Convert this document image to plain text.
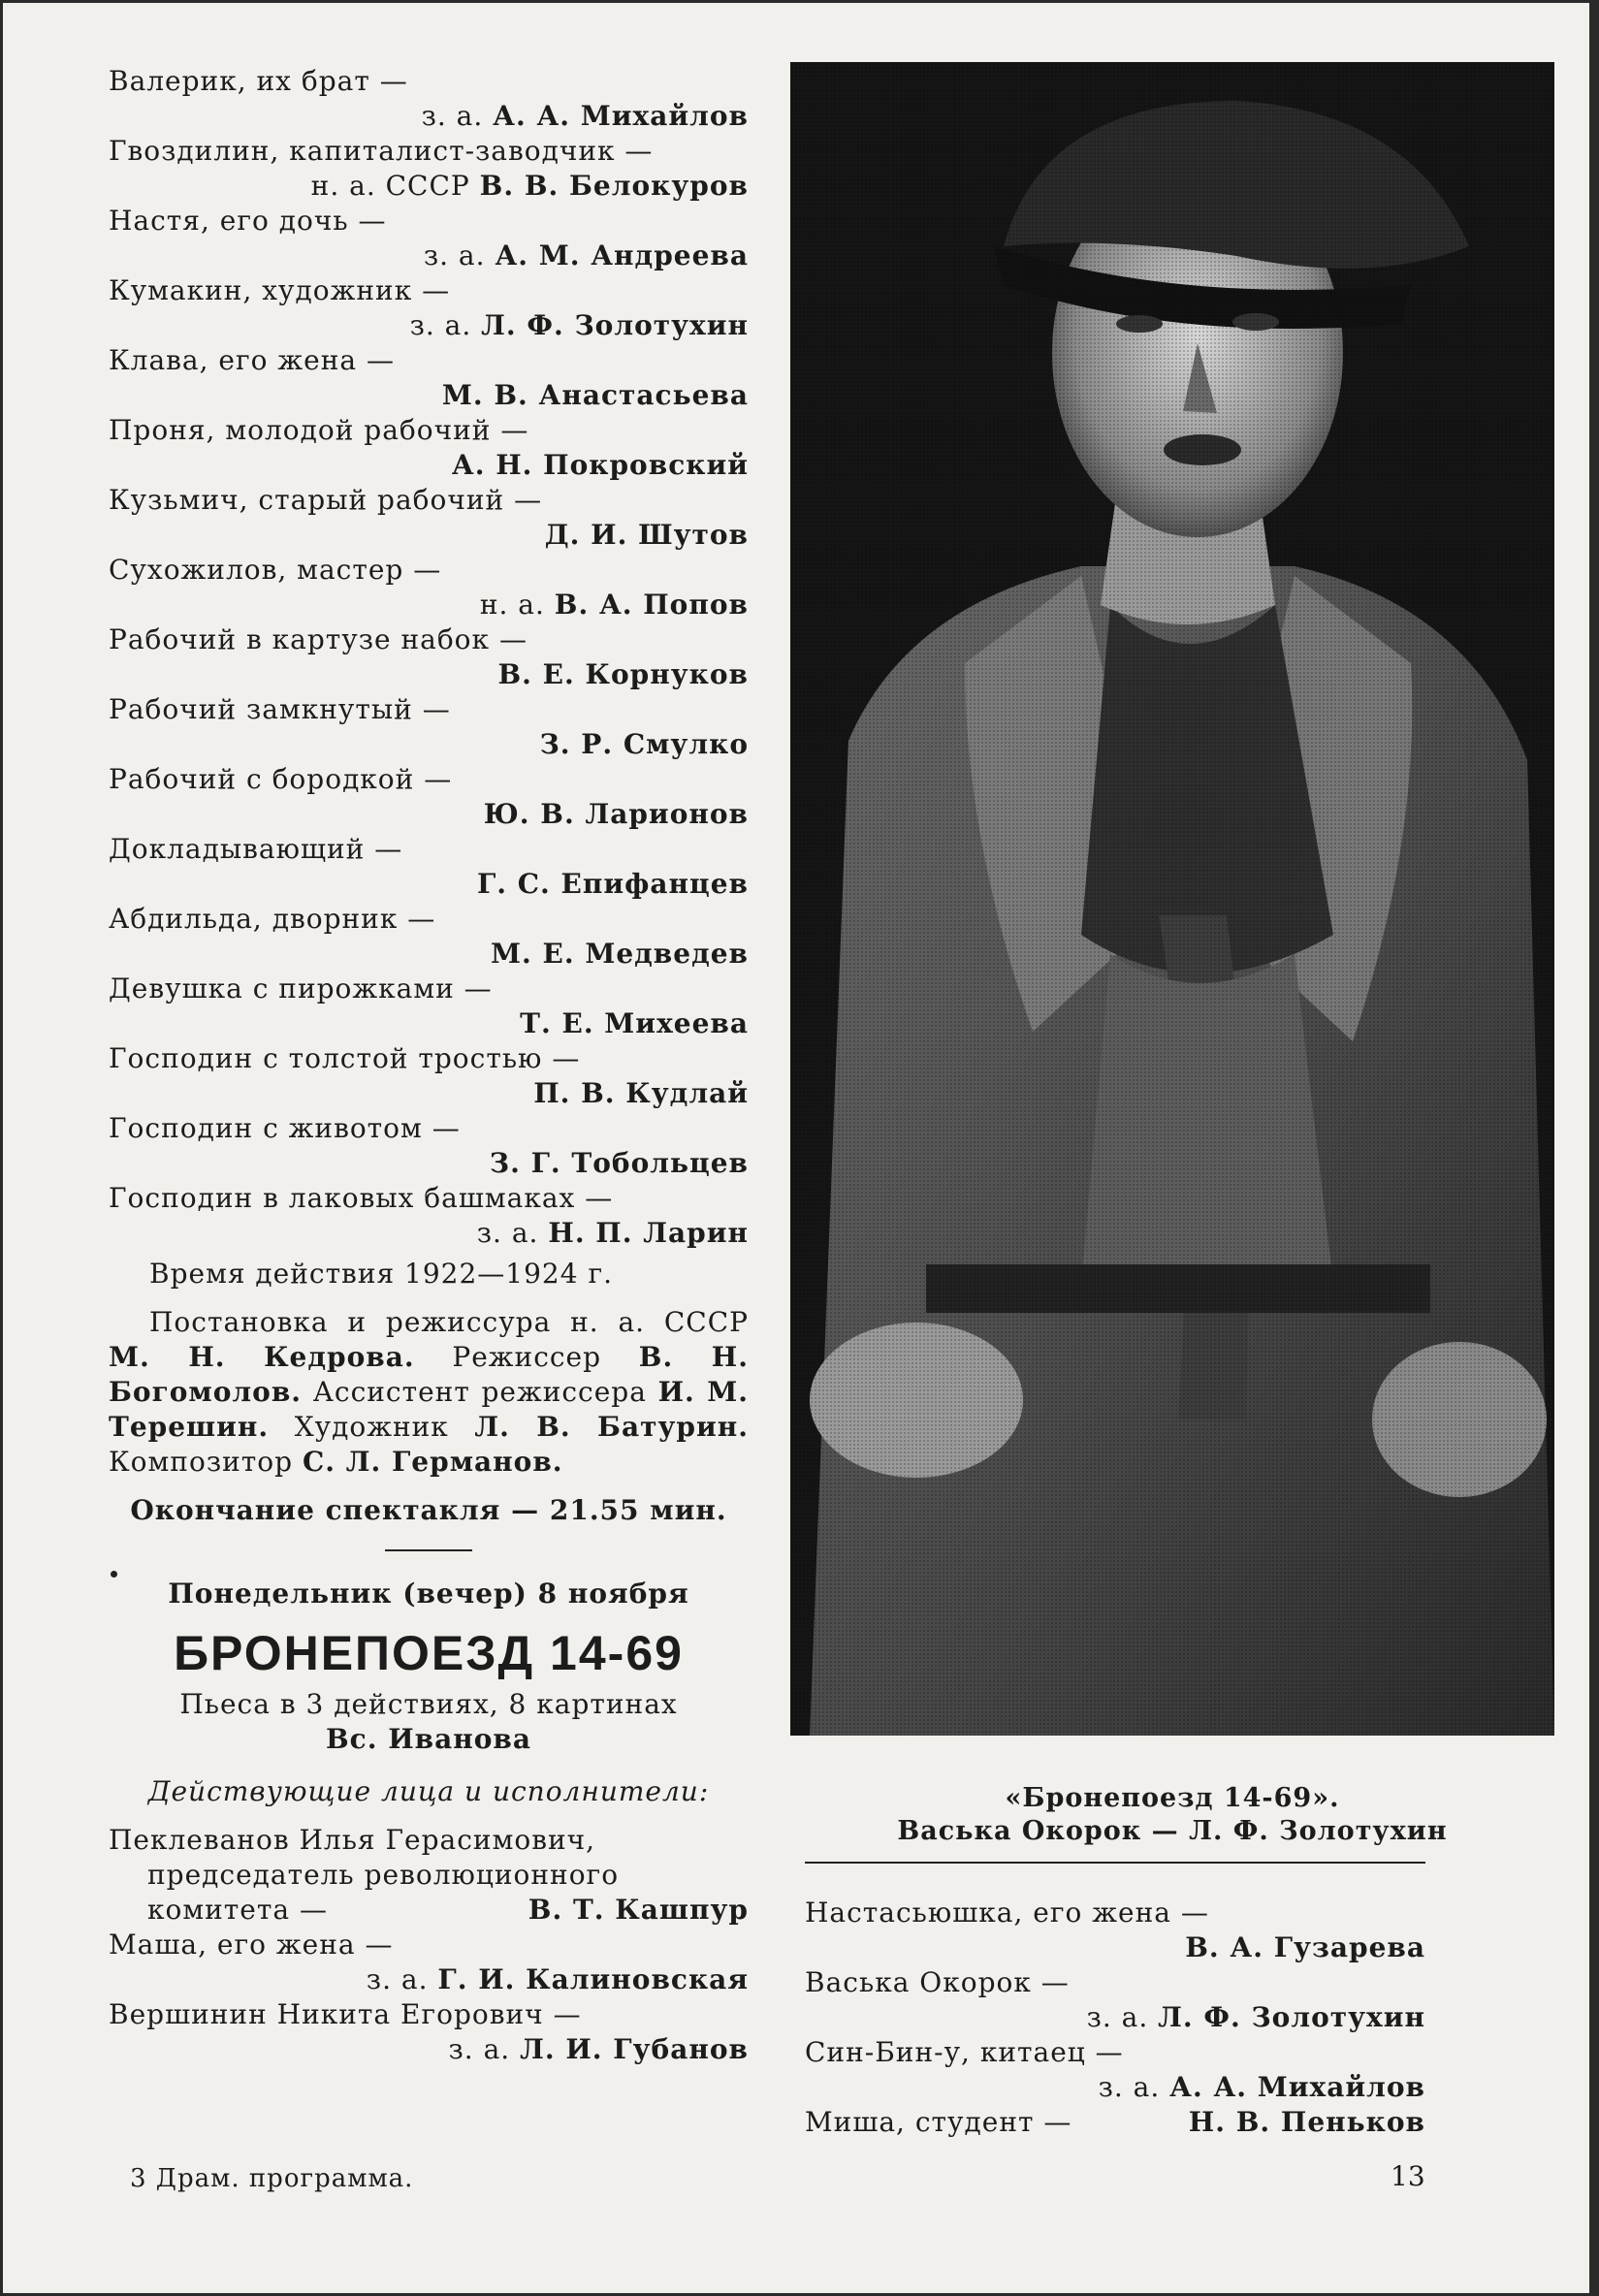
Валерик, их брат —
з. а. А. А. Михайлов
Гвоздилин, капиталист-заводчик —
н. а. СССР В. В. Белокуров
Настя, его дочь —
з. а. А. М. Андреева
Кумакин, художник —
з. а. Л. Ф. Золотухин
Клава, его жена —
М. В. Анастасьева
Проня, молодой рабочий —
А. Н. Покровский
Кузьмич, старый рабочий —
Д. И. Шутов
Сухожилов, мастер —
н. а. В. А. Попов
Рабочий в картузе набок —
В. Е. Корнуков
Рабочий замкнутый —
З. Р. Смулко
Рабочий с бородкой —
Ю. В. Ларионов
Докладывающий —
Г. С. Епифанцев
Абдильда, дворник —
М. Е. Медведев
Девушка с пирожками —
Т. Е. Михеева
Господин с толстой тростью —
П. В. Кудлай
Господин с животом —
З. Г. Тобольцев
Господин в лаковых башмаках —
з. а. Н. П. Ларин
Время действия 1922—1924 г.
Постановка и режиссура н. а. СССР М. Н. Кедрова. Режиссер В. Н. Богомолов. Ассистент режиссера И. М. Терешин. Художник Л. В. Батурин. Композитор С. Л. Германов.
Окончание спектакля — 21.55 мин.
Понедельник (вечер) 8 ноября
БРОНЕПОЕЗД 14-69
Пьеса в 3 действиях, 8 картинах
Вс. Иванова
Действующие лица и исполнители:
Пеклеванов Илья Герасимович,
председатель революционного
комитета —	В. Т. Кашпур
Маша, его жена —
з. а. Г. И. Калиновская
Вершинин Никита Егорович —
з. а. Л. И. Губанов
«Бронепоезд 14-69».
Васька Окорок — Л. Ф. Золотухин
Настасьюшка, его жена —
В. А. Гузарева
Васька Окорок —
з. а. Л. Ф. Золотухин
Син-Бин-у, китаец —
з. а. А. А. Михайлов
Миша, студент —	Н. В. Пеньков
3 Драм. программа.	13
